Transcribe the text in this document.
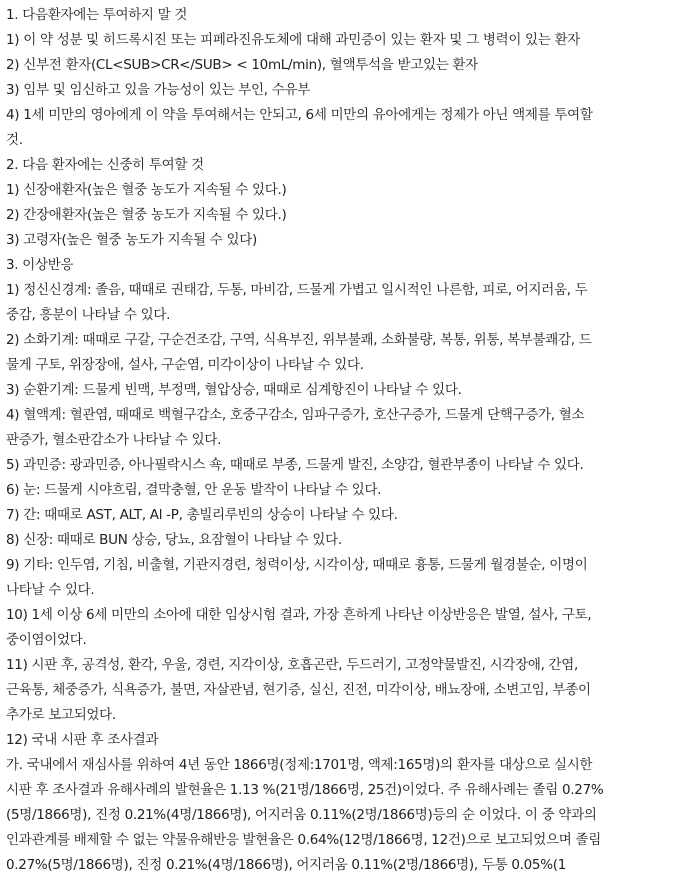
1. 다음환자에는 투여하지 말 것
1) 이 약 성분 및 히드록시진 또는 피페라진유도체에 대해 과민증이 있는 환자 및 그 병력이 있는 환자
2) 신부전 환자(CL<SUB>CR</SUB> < 10mL/min), 혈액투석을 받고있는 환자
3) 임부 및 임신하고 있을 가능성이 있는 부인, 수유부
4) 1세 미만의 영아에게 이 약을 투여해서는 안되고, 6세 미만의 유아에게는 정제가 아닌 액제를 투여할
것.
2. 다음 환자에는 신중히 투여할 것
1) 신장애환자(높은 혈중 농도가 지속될 수 있다.)
2) 간장애환자(높은 혈중 농도가 지속될 수 있다.)
3) 고령자(높은 혈중 농도가 지속될 수 있다)
3. 이상반응
1) 정신신경계: 졸음, 때때로 권태감, 두통, 마비감, 드물게 가볍고 일시적인 나른함, 피로, 어지러움, 두
중감, 흥분이 나타날 수 있다.
2) 소화기계: 때때로 구갈, 구순건조감, 구역, 식욕부진, 위부불쾌, 소화불량, 복통, 위통, 복부불쾌감, 드
물게 구토, 위장장애, 설사, 구순염, 미각이상이 나타날 수 있다.
3) 순환기계: 드물게 빈맥, 부정맥, 혈압상승, 때때로 심계항진이 나타날 수 있다.
4) 혈액계: 혈관염, 때때로 백혈구감소, 호중구감소, 임파구증가, 호산구증가, 드물게 단핵구증가, 혈소
판증가, 혈소판감소가 나타날 수 있다.
5) 과민증: 광과민증, 아나필락시스 쇽, 때때로 부종, 드물게 발진, 소양감, 혈관부종이 나타날 수 있다.
6) 눈: 드물게 시야흐림, 결막충혈, 안 운동 발작이 나타날 수 있다.
7) 간: 때때로 AST, ALT, Al -P, 총빌리루빈의 상승이 나타날 수 있다.
8) 신장: 때때로 BUN 상승, 당뇨, 요잠혈이 나타날 수 있다.
9) 기타: 인두염, 기침, 비출혈, 기관지경련, 청력이상, 시각이상, 때때로 흉통, 드물게 월경불순, 이명이
나타날 수 있다.
10) 1세 이상 6세 미만의 소아에 대한 임상시험 결과, 가장 흔하게 나타난 이상반응은 발열, 설사, 구토,
중이염이었다.
11) 시판 후, 공격성, 환각, 우울, 경련, 지각이상, 호흡곤란, 두드러기, 고정약물발진, 시각장애, 간염,
근육통, 체중증가, 식욕증가, 불면, 자살관념, 현기증, 실신, 진전, 미각이상, 배뇨장애, 소변고임, 부종이
추가로 보고되었다.
12) 국내 시판 후 조사결과
가. 국내에서 재심사를 위하여 4년 동안 1866명(정제:1701명, 액제:165명)의 환자를 대상으로 실시한
시판 후 조사결과 유해사례의 발현율은 1.13 %(21명/1866명, 25건)이었다. 주 유해사례는 졸림 0.27%
(5명/1866명), 진정 0.21%(4명/1866명), 어지러움 0.11%(2명/1866명)등의 순 이었다. 이 중 약과의
인과관계를 배제할 수 없는 약물유해반응 발현율은 0.64%(12명/1866명, 12건)으로 보고되었으며 졸림
0.27%(5명/1866명), 진정 0.21%(4명/1866명), 어지러움 0.11%(2명/1866명), 두통 0.05%(1
